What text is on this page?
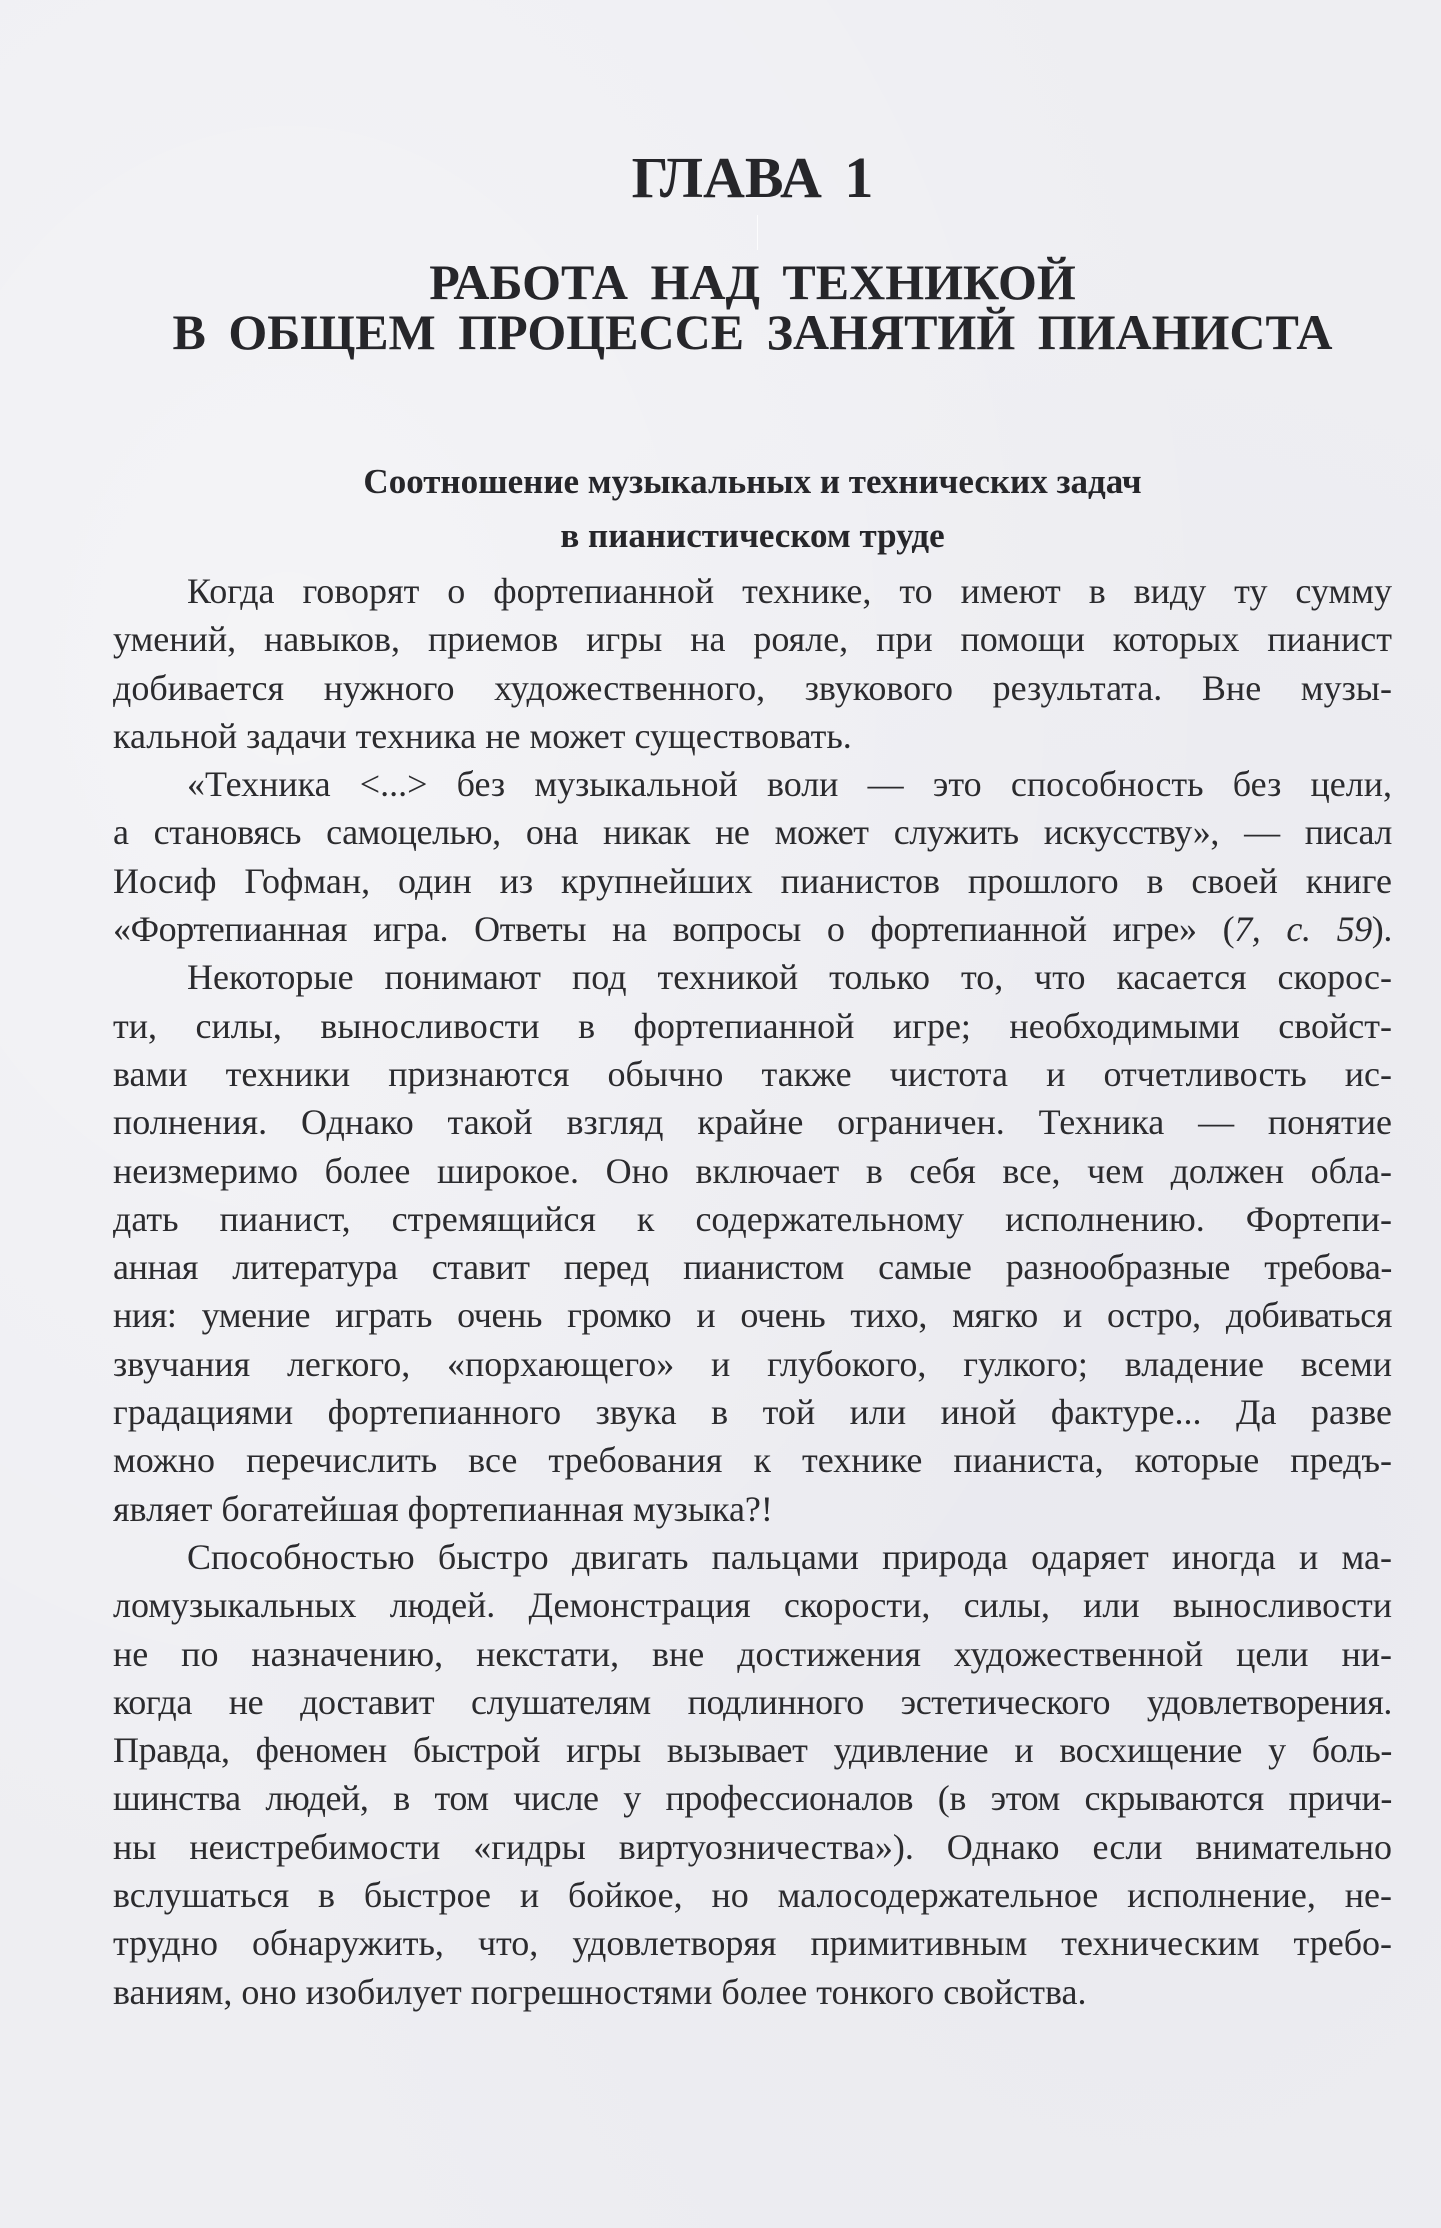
ГЛАВА 1
РАБОТА НАД ТЕХНИКОЙ
В ОБЩЕМ ПРОЦЕССЕ ЗАНЯТИЙ ПИАНИСТА
Соотношение музыкальных и технических задач
в пианистическом труде
Когда говорят о фортепианной технике, то имеют в виду ту сумму
умений, навыков, приемов игры на рояле, при помощи которых пианист
добивается нужного художественного, звукового результата. Вне музы-
кальной задачи техника не может существовать.
«Техника <...> без музыкальной воли — это способность без цели,
а становясь самоцелью, она никак не может служить искусству», — писал
Иосиф Гофман, один из крупнейших пианистов прошлого в своей книге
«Фортепианная игра. Ответы на вопросы о фортепианной игре» (7, с. 59).
Некоторые понимают под техникой только то, что касается скорос-
ти, силы, выносливости в фортепианной игре; необходимыми свойст-
вами техники признаются обычно также чистота и отчетливость ис-
полнения. Однако такой взгляд крайне ограничен. Техника — понятие
неизмеримо более широкое. Оно включает в себя все, чем должен обла-
дать пианист, стремящийся к содержательному исполнению. Фортепи-
анная литература ставит перед пианистом самые разнообразные требова-
ния: умение играть очень громко и очень тихо, мягко и остро, добиваться
звучания легкого, «порхающего» и глубокого, гулкого; владение всеми
градациями фортепианного звука в той или иной фактуре... Да разве
можно перечислить все требования к технике пианиста, которые предъ-
являет богатейшая фортепианная музыка?!
Способностью быстро двигать пальцами природа одаряет иногда и ма-
ломузыкальных людей. Демонстрация скорости, силы, или выносливости
не по назначению, некстати, вне достижения художественной цели ни-
когда не доставит слушателям подлинного эстетического удовлетворения.
Правда, феномен быстрой игры вызывает удивление и восхищение у боль-
шинства людей, в том числе у профессионалов (в этом скрываются причи-
ны неистребимости «гидры виртуозничества»). Однако если внимательно
вслушаться в быстрое и бойкое, но малосодержательное исполнение, не-
трудно обнаружить, что, удовлетворяя примитивным техническим требо-
ваниям, оно изобилует погрешностями более тонкого свойства.
